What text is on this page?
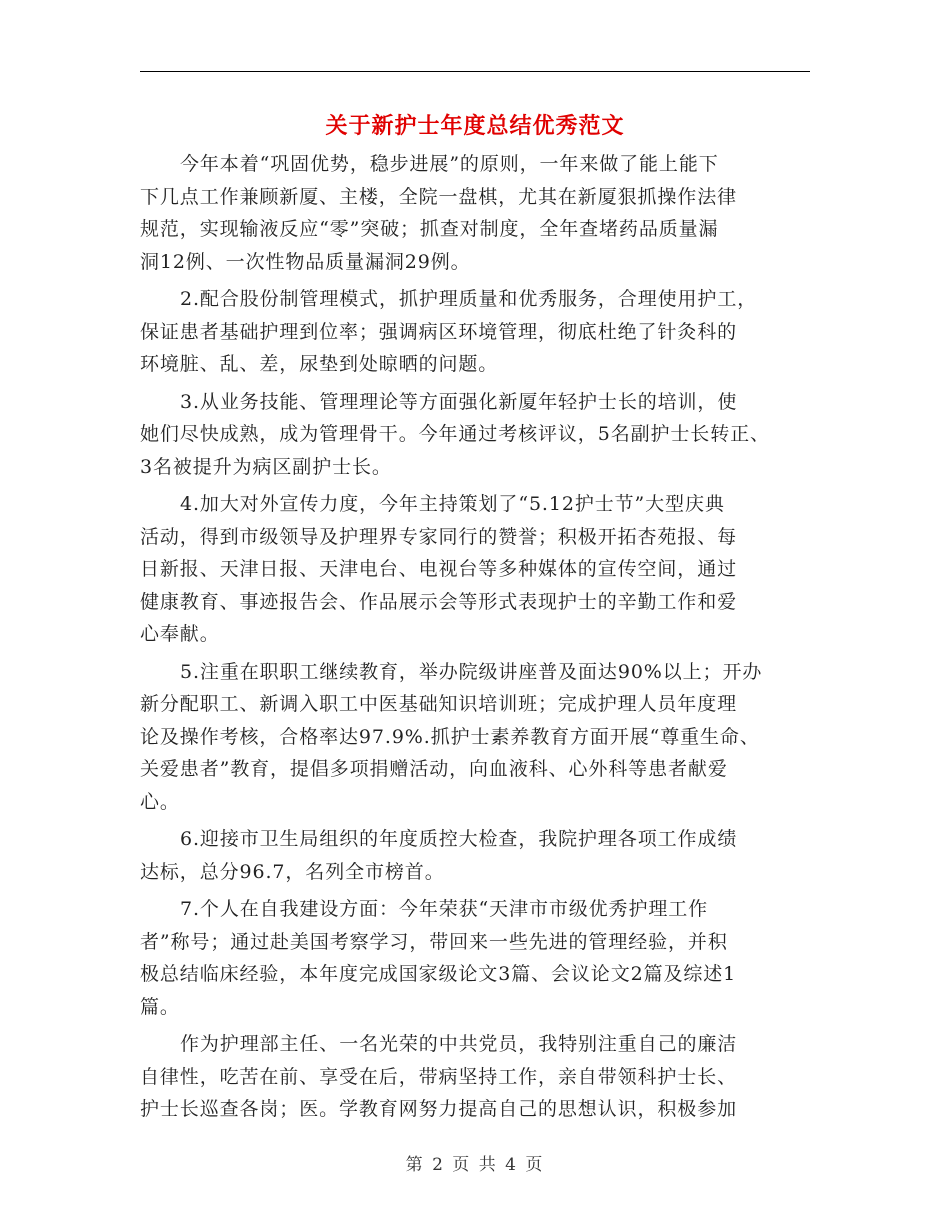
关于新护士年度总结优秀范文
今年本着“巩固优势，稳步进展”的原则，一年来做了能上能下
下几点工作兼顾新厦、主楼，全院一盘棋，尤其在新厦狠抓操作法律
规范，实现输液反应“零”突破；抓查对制度，全年查堵药品质量漏
洞12例、一次性物品质量漏洞29例。
2.配合股份制管理模式，抓护理质量和优秀服务，合理使用护工，
保证患者基础护理到位率；强调病区环境管理，彻底杜绝了针灸科的
环境脏、乱、差，尿垫到处晾晒的问题。
3.从业务技能、管理理论等方面强化新厦年轻护士长的培训，使
她们尽快成熟，成为管理骨干。今年通过考核评议，5名副护士长转正、
3名被提升为病区副护士长。
4.加大对外宣传力度，今年主持策划了“5.12护士节”大型庆典
活动，得到市级领导及护理界专家同行的赞誉；积极开拓杏苑报、每
日新报、天津日报、天津电台、电视台等多种媒体的宣传空间，通过
健康教育、事迹报告会、作品展示会等形式表现护士的辛勤工作和爱
心奉献。
5.注重在职职工继续教育，举办院级讲座普及面达90%以上；开办
新分配职工、新调入职工中医基础知识培训班；完成护理人员年度理
论及操作考核，合格率达97.9%.抓护士素养教育方面开展“尊重生命、
关爱患者”教育，提倡多项捐赠活动，向血液科、心外科等患者献爱
心。
6.迎接市卫生局组织的年度质控大检查，我院护理各项工作成绩
达标，总分96.7，名列全市榜首。
7.个人在自我建设方面：今年荣获“天津市市级优秀护理工作
者”称号；通过赴美国考察学习，带回来一些先进的管理经验，并积
极总结临床经验，本年度完成国家级论文3篇、会议论文2篇及综述1
篇。
作为护理部主任、一名光荣的中共党员，我特别注重自己的廉洁
自律性，吃苦在前、享受在后，带病坚持工作，亲自带领科护士长、
护士长巡查各岗；医。学教育网努力提高自己的思想认识，积极参加
第 2 页 共 4 页
